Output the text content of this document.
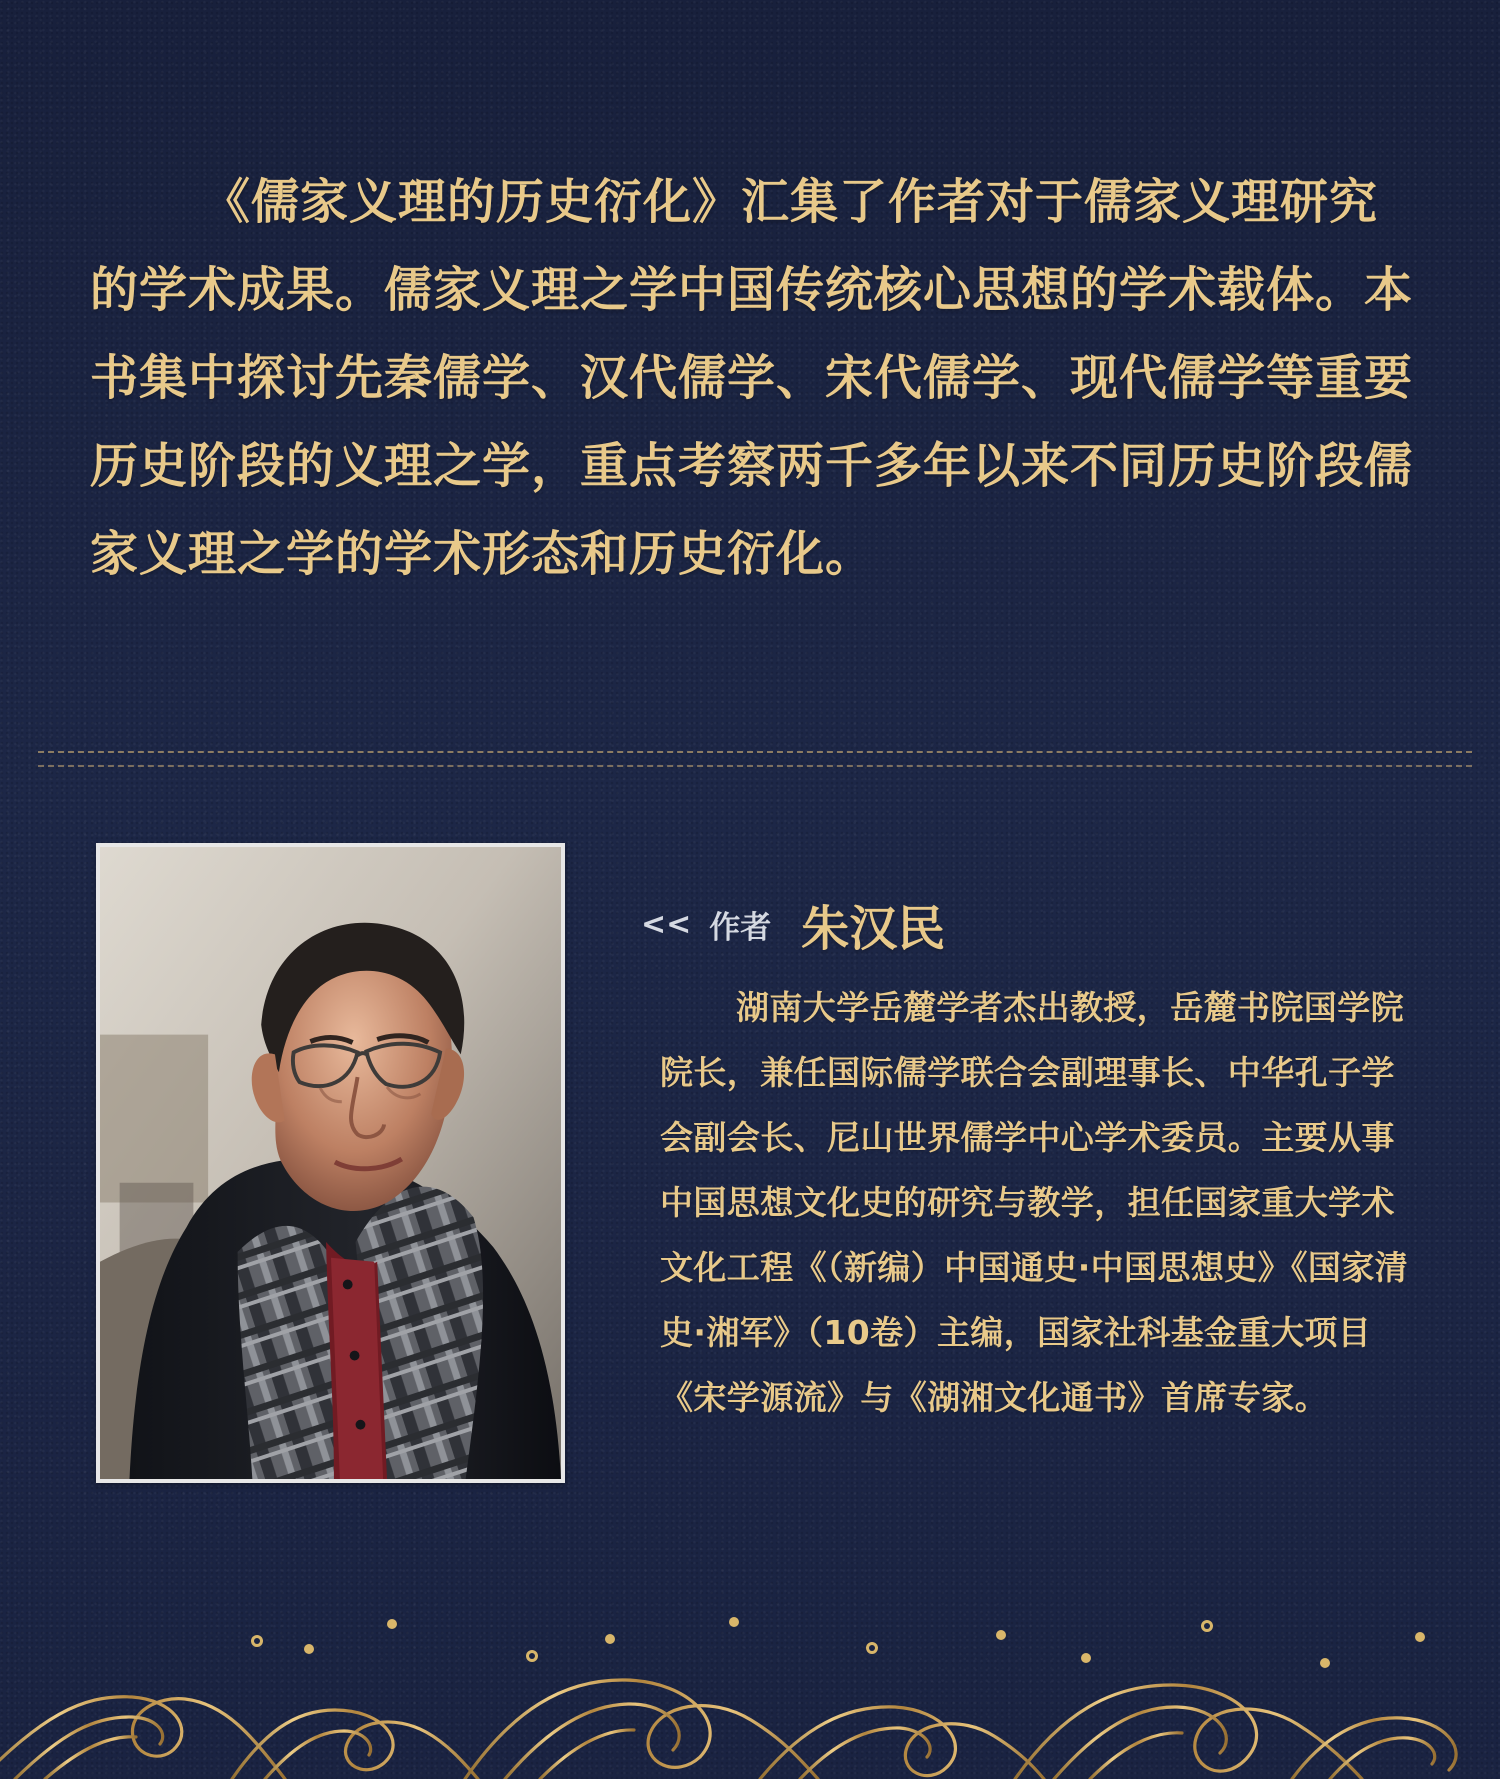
《儒家义理的历史衍化》汇集了作者对于儒家义理研究的学术成果。儒家义理之学中国传统核心思想的学术载体。本书集中探讨先秦儒学、汉代儒学、宋代儒学、现代儒学等重要历史阶段的义理之学，重点考察两千多年以来不同历史阶段儒家义理之学的学术形态和历史衍化。

<< 作者 朱汉民

湖南大学岳麓学者杰出教授，岳麓书院国学院院长，兼任国际儒学联合会副理事长、中华孔子学会副会长、尼山世界儒学中心学术委员。主要从事中国思想文化史的研究与教学，担任国家重大学术文化工程《（新编）中国通史·中国思想史》《国家清史·湘军》（10卷）主编，国家社科基金重大项目《宋学源流》与《湖湘文化通书》首席专家。
